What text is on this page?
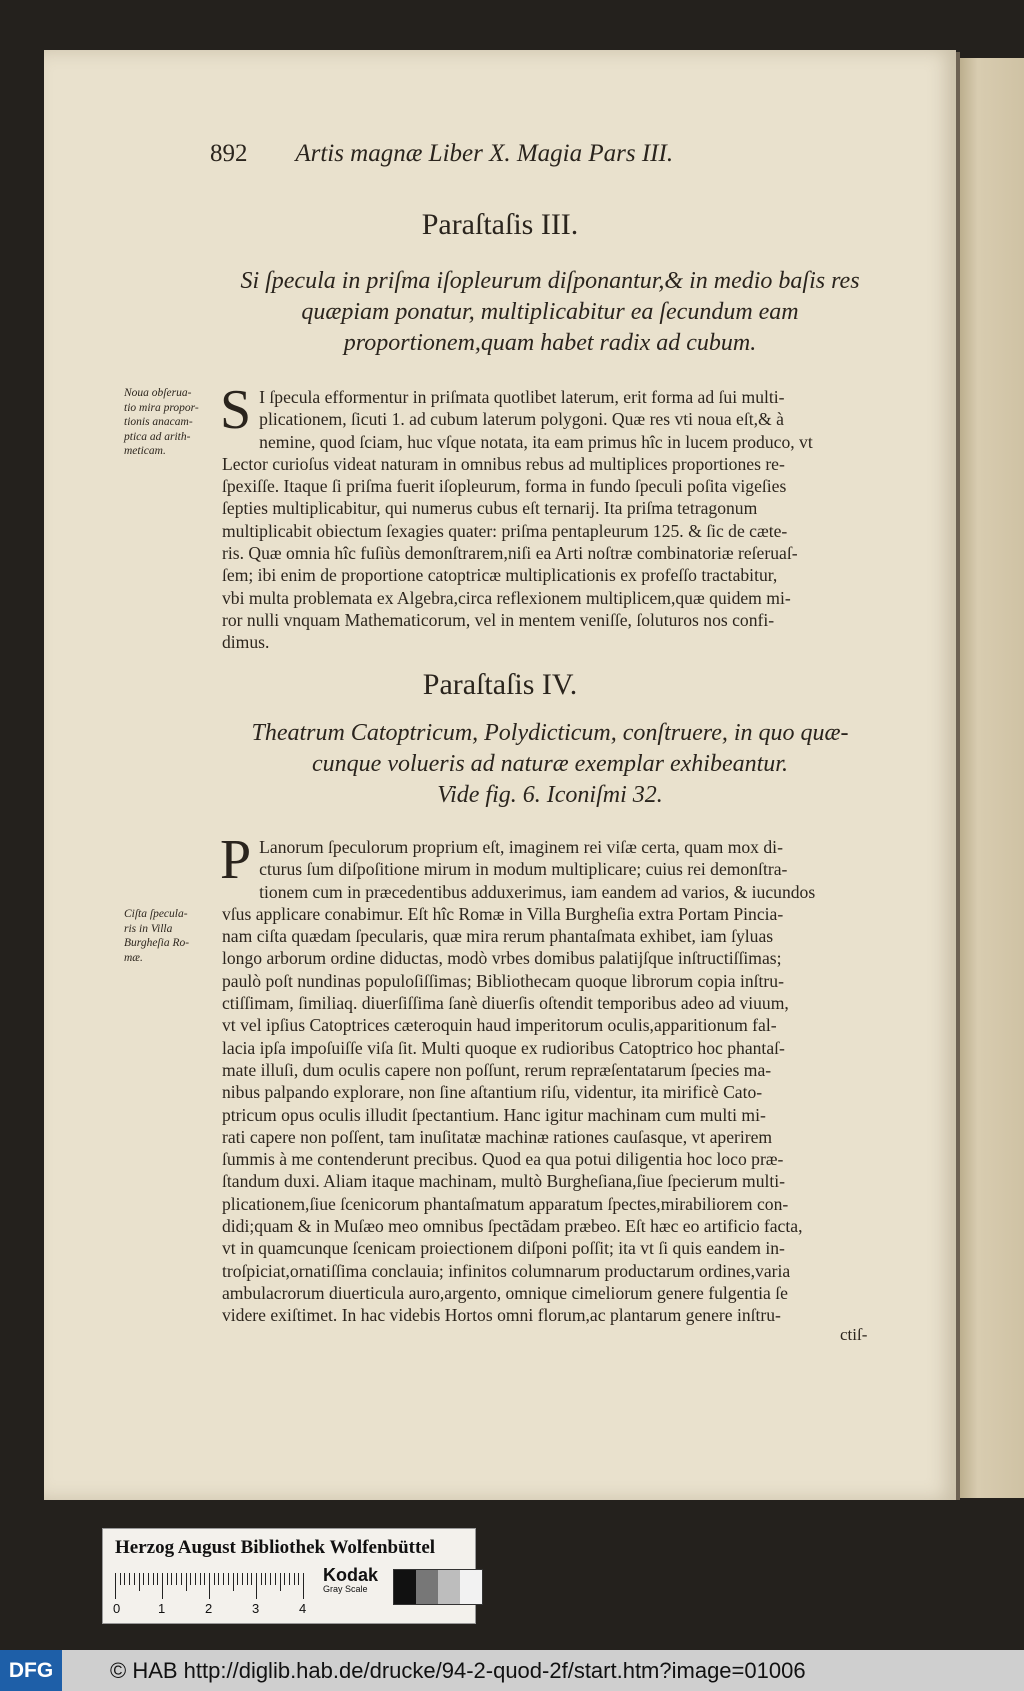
892 Artis magnæ Liber X. Magia Pars III.
Paraſtaſis III.
Si ſpecula in priſma iſopleurum diſponantur,& in medio baſis res
quæpiam ponatur, multiplicabitur ea ſecundum eam
proportionem,quam habet radix ad cubum.
Noua obſerua-
tio mira propor-
tionis anacam-
ptica ad arith-
meticam.
S I ſpecula efformentur in priſmata quotlibet laterum, erit forma ad ſui multi-
plicationem, ſicuti 1. ad cubum laterum polygoni. Quæ res vti noua eſt,& à
nemine, quod ſciam, huc vſque notata, ita eam primus hîc in lucem produco, vt
Lector curioſus videat naturam in omnibus rebus ad multiplices proportiones re-
ſpexiſſe. Itaque ſi priſma fuerit iſopleurum, forma in fundo ſpeculi poſita vigeſies
ſepties multiplicabitur, qui numerus cubus eſt ternarij. Ita priſma tetragonum
multiplicabit obiectum ſexagies quater: priſma pentapleurum 125. & ſic de cæte-
ris. Quæ omnia hîc fuſiùs demonſtrarem,niſi ea Arti noſtræ combinatoriæ reſeruaſ-
ſem; ibi enim de proportione catoptricæ multiplicationis ex profeſſo tractabitur,
vbi multa problemata ex Algebra,circa reflexionem multiplicem,quæ quidem mi-
ror nulli vnquam Mathematicorum, vel in mentem veniſſe, ſoluturos nos confi-
dimus.
Paraſtaſis IV.
Theatrum Catoptricum, Polydicticum, conſtruere, in quo quæ-
cunque volueris ad naturæ exemplar exhibeantur.
Vide fig. 6. Iconiſmi 32.
Ciſta ſpecula-
ris in Villa
Burgheſia Ro-
mæ.
P Lanorum ſpeculorum proprium eſt, imaginem rei viſæ certa, quam mox di-
cturus ſum diſpoſitione mirum in modum multiplicare; cuius rei demonſtra-
tionem cum in præcedentibus adduxerimus, iam eandem ad varios, & iucundos
vſus applicare conabimur. Eſt hîc Romæ in Villa Burgheſia extra Portam Pincia-
nam ciſta quædam ſpecularis, quæ mira rerum phantaſmata exhibet, iam ſyluas
longo arborum ordine diductas, modò vrbes domibus palatijſque inſtructiſſimas;
paulò poſt nundinas populoſiſſimas; Bibliothecam quoque librorum copia inſtru-
ctiſſimam, ſimiliaq. diuerſiſſima ſanè diuerſis oſtendit temporibus adeo ad viuum,
vt vel ipſius Catoptrices cæteroquin haud imperitorum oculis,apparitionum fal-
lacia ipſa impoſuiſſe viſa ſit. Multi quoque ex rudioribus Catoptrico hoc phantaſ-
mate illuſi, dum oculis capere non poſſunt, rerum repræſentatarum ſpecies ma-
nibus palpando explorare, non ſine aſtantium riſu, videntur, ita mirificè Cato-
ptricum opus oculis illudit ſpectantium. Hanc igitur machinam cum multi mi-
rati capere non poſſent, tam inuſitatæ machinæ rationes cauſasque, vt aperirem
ſummis à me contenderunt precibus. Quod ea qua potui diligentia hoc loco præ-
ſtandum duxi. Aliam itaque machinam, multò Burgheſiana,ſiue ſpecierum multi-
plicationem,ſiue ſcenicorum phantaſmatum apparatum ſpectes,mirabiliorem con-
didi;quam & in Muſæo meo omnibus ſpectãdam præbeo. Eſt hæc eo artificio facta,
vt in quamcunque ſcenicam proiectionem diſponi poſſit; ita vt ſi quis eandem in-
troſpiciat,ornatiſſima conclauia; infinitos columnarum productarum ordines,varia
ambulacrorum diuerticula auro,argento, omnique cimeliorum genere fulgentia ſe
videre exiſtimet. In hac videbis Hortos omni florum,ac plantarum genere inſtru-
ctiſ-
Herzog August Bibliothek Wolfenbüttel
0	1	2	3	4
Kodak
Gray Scale
DFG	© HAB http://diglib.hab.de/drucke/94-2-quod-2f/start.htm?image=01006
